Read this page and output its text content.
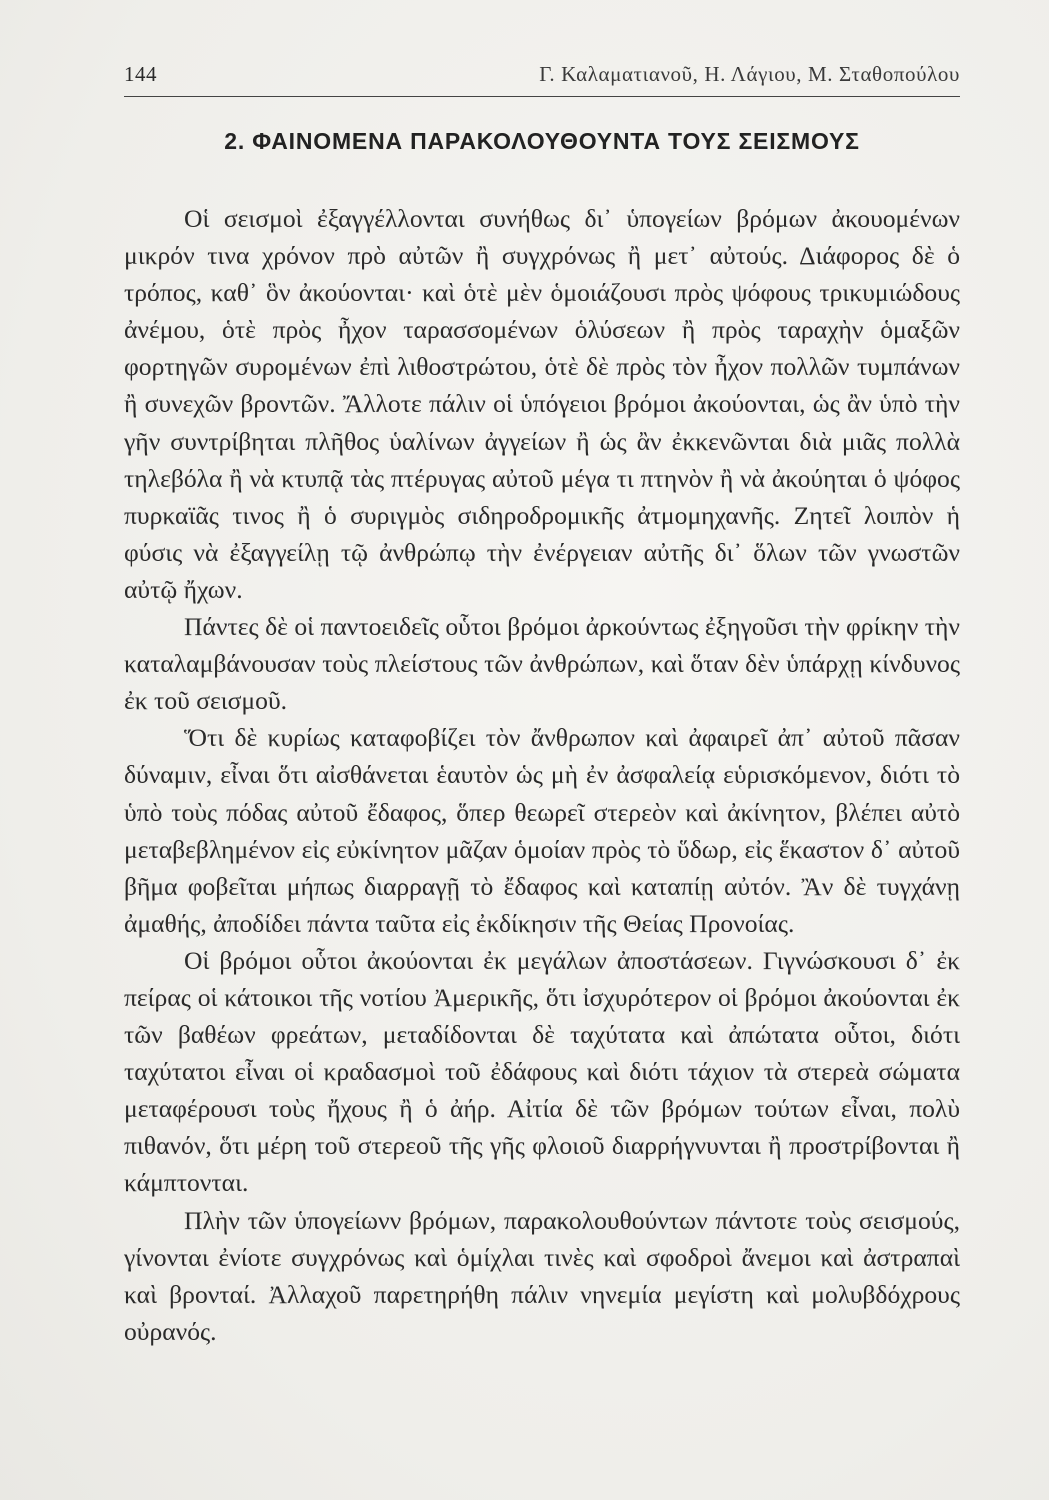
144	Γ. Καλαματιανοῦ, Η. Λάγιου, Μ. Σταθοπούλου
2. ΦΑΙΝΟΜΕΝΑ ΠΑΡΑΚΟΛΟΥΘΟΥΝΤΑ ΤΟΥΣ ΣΕΙΣΜΟΥΣ

Οἱ σεισμοὶ ἐξαγγέλλονται συνήθως δι᾽ ὑπογείων βρόμων ἀκουομένων μικρόν τινα χρόνον πρὸ αὐτῶν ἢ συγχρόνως ἢ μετ᾽ αὐτούς. Διάφορος δὲ ὁ τρόπος, καθ᾽ ὃν ἀκούονται· καὶ ὁτὲ μὲν ὁμοιάζουσι πρὸς ψόφους τρικυμιώδους ἀνέμου, ὁτὲ πρὸς ἦχον ταρασσομένων ὁλύσεων ἢ πρὸς ταραχὴν ὁμαξῶν φορτηγῶν συρομένων ἐπὶ λιθοστρώτου, ὁτὲ δὲ πρὸς τὸν ἦχον πολλῶν τυμπάνων ἢ συνεχῶν βροντῶν. Ἄλλοτε πάλιν οἱ ὑπόγειοι βρόμοι ἀκούονται, ὡς ἂν ὑπὸ τὴν γῆν συντρίβηται πλῆθος ὑαλίνων ἀγγείων ἢ ὡς ἂν ἐκκενῶνται διὰ μιᾶς πολλὰ τηλεβόλα ἢ νὰ κτυπᾷ τὰς πτέρυγας αὐτοῦ μέγα τι πτηνὸν ἢ νὰ ἀκούηται ὁ ψόφος πυρκαϊᾶς τινος ἢ ὁ συριγμὸς σιδηροδρομικῆς ἀτμομηχανῆς. Ζητεῖ λοιπὸν ἡ φύσις νὰ ἐξαγγείλῃ τῷ ἀνθρώπῳ τὴν ἐνέργειαν αὐτῆς δι᾽ ὅλων τῶν γνωστῶν αὐτῷ ἤχων.

Πάντες δὲ οἱ παντοειδεῖς οὗτοι βρόμοι ἀρκούντως ἐξηγοῦσι τὴν φρίκην τὴν καταλαμβάνουσαν τοὺς πλείστους τῶν ἀνθρώπων, καὶ ὅταν δὲν ὑπάρχῃ κίνδυνος ἐκ τοῦ σεισμοῦ.

Ὅτι δὲ κυρίως καταφοβίζει τὸν ἄνθρωπον καὶ ἀφαιρεῖ ἀπ᾽ αὐτοῦ πᾶσαν δύναμιν, εἶναι ὅτι αἰσθάνεται ἑαυτὸν ὡς μὴ ἐν ἀσφαλείᾳ εὑρισκόμενον, διότι τὸ ὑπὸ τοὺς πόδας αὐτοῦ ἔδαφος, ὅπερ θεωρεῖ στερεὸν καὶ ἀκίνητον, βλέπει αὐτὸ μεταβεβλημένον εἰς εὐκίνητον μᾶζαν ὁμοίαν πρὸς τὸ ὕδωρ, εἰς ἕκαστον δ᾽ αὐτοῦ βῆμα φοβεῖται μήπως διαρραγῇ τὸ ἔδαφος καὶ καταπίῃ αὐτόν. Ἂν δὲ τυγχάνῃ ἀμαθής, ἀποδίδει πάντα ταῦτα εἰς ἐκδίκησιν τῆς Θείας Προνοίας.

Οἱ βρόμοι οὗτοι ἀκούονται ἐκ μεγάλων ἀποστάσεων. Γιγνώσκουσι δ᾽ ἐκ πείρας οἱ κάτοικοι τῆς νοτίου Ἀμερικῆς, ὅτι ἰσχυρότερον οἱ βρόμοι ἀκούονται ἐκ τῶν βαθέων φρεάτων, μεταδίδονται δὲ ταχύτατα καὶ ἀπώτατα οὗτοι, διότι ταχύτατοι εἶναι οἱ κραδασμοὶ τοῦ ἐδάφους καὶ διότι τάχιον τὰ στερεὰ σώματα μεταφέρουσι τοὺς ἤχους ἢ ὁ ἀήρ. Αἰτία δὲ τῶν βρόμων τούτων εἶναι, πολὺ πιθανόν, ὅτι μέρη τοῦ στερεοῦ τῆς γῆς φλοιοῦ διαρρήγνυνται ἢ προστρίβονται ἢ κάμπτονται.

Πλὴν τῶν ὑπογείωνν βρόμων, παρακολουθούντων πάντοτε τοὺς σεισμούς, γίνονται ἐνίοτε συγχρόνως καὶ ὁμίχλαι τινὲς καὶ σφοδροὶ ἄνεμοι καὶ ἀστραπαὶ καὶ βρονταί. Ἀλλαχοῦ παρετηρήθη πάλιν νηνεμία μεγίστη καὶ μολυβδόχρους οὐρανός.
